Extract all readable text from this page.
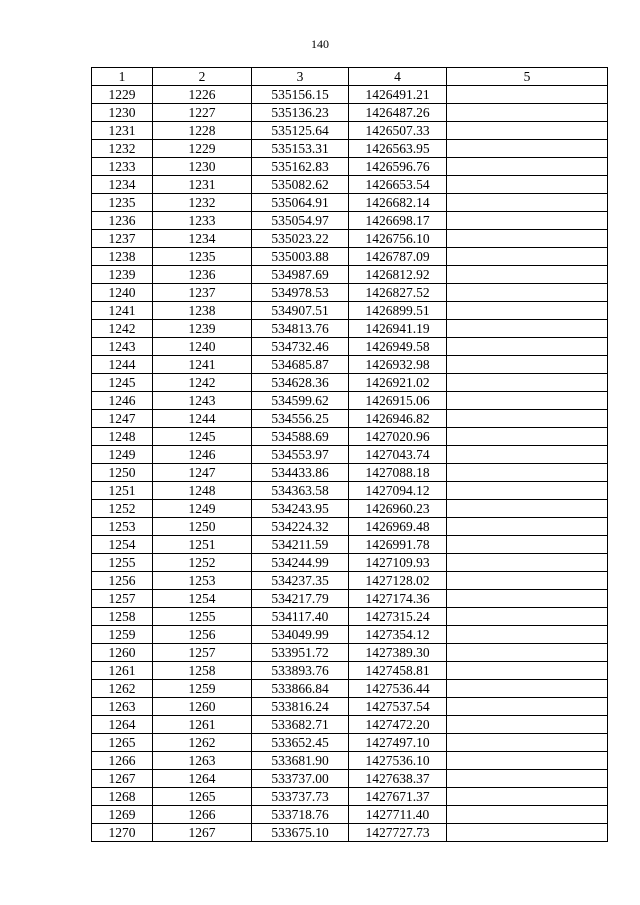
140
1	2	3	4	5
1229	1226	535156.15	1426491.21	
1230	1227	535136.23	1426487.26	
1231	1228	535125.64	1426507.33	
1232	1229	535153.31	1426563.95	
1233	1230	535162.83	1426596.76	
1234	1231	535082.62	1426653.54	
1235	1232	535064.91	1426682.14	
1236	1233	535054.97	1426698.17	
1237	1234	535023.22	1426756.10	
1238	1235	535003.88	1426787.09	
1239	1236	534987.69	1426812.92	
1240	1237	534978.53	1426827.52	
1241	1238	534907.51	1426899.51	
1242	1239	534813.76	1426941.19	
1243	1240	534732.46	1426949.58	
1244	1241	534685.87	1426932.98	
1245	1242	534628.36	1426921.02	
1246	1243	534599.62	1426915.06	
1247	1244	534556.25	1426946.82	
1248	1245	534588.69	1427020.96	
1249	1246	534553.97	1427043.74	
1250	1247	534433.86	1427088.18	
1251	1248	534363.58	1427094.12	
1252	1249	534243.95	1426960.23	
1253	1250	534224.32	1426969.48	
1254	1251	534211.59	1426991.78	
1255	1252	534244.99	1427109.93	
1256	1253	534237.35	1427128.02	
1257	1254	534217.79	1427174.36	
1258	1255	534117.40	1427315.24	
1259	1256	534049.99	1427354.12	
1260	1257	533951.72	1427389.30	
1261	1258	533893.76	1427458.81	
1262	1259	533866.84	1427536.44	
1263	1260	533816.24	1427537.54	
1264	1261	533682.71	1427472.20	
1265	1262	533652.45	1427497.10	
1266	1263	533681.90	1427536.10	
1267	1264	533737.00	1427638.37	
1268	1265	533737.73	1427671.37	
1269	1266	533718.76	1427711.40	
1270	1267	533675.10	1427727.73	
